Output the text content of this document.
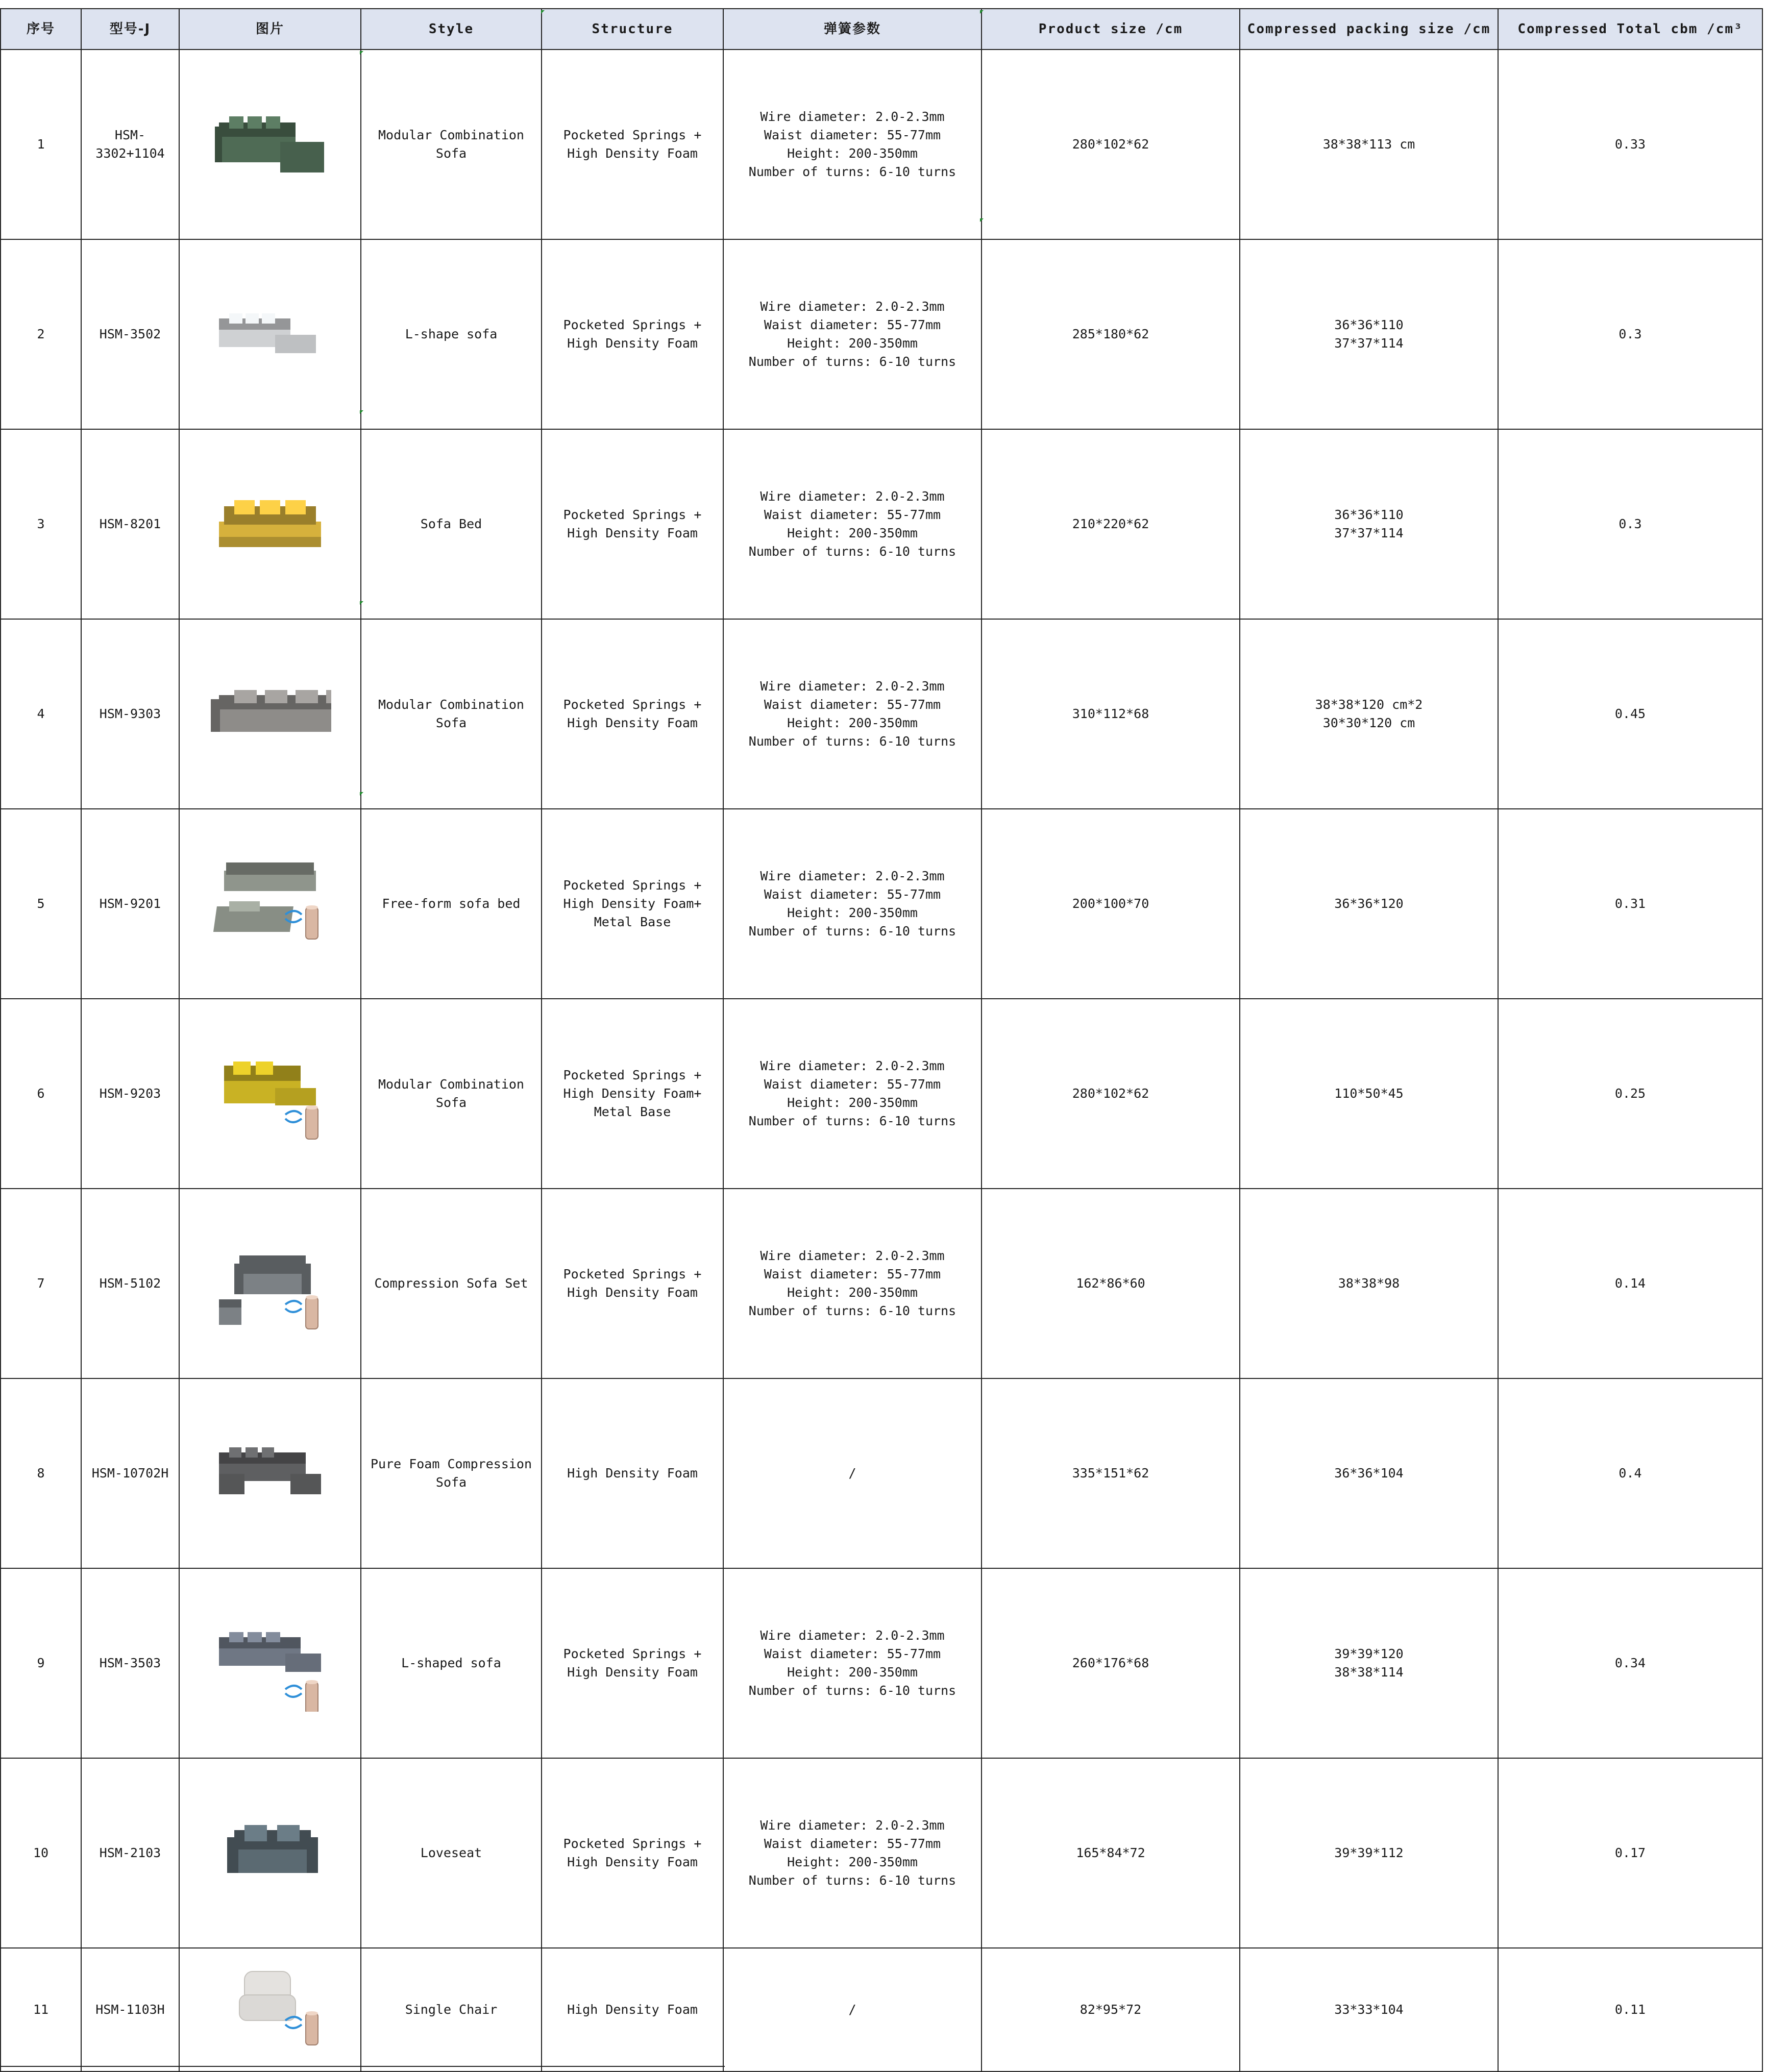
序号	型号-J	图片	Style	Structure	弹簧参数	Product size /cm	Compressed packing size /cm	Compressed Total cbm /cm³
1	HSM-
3302+1104		Modular Combination
Sofa	Pocketed Springs +
High Density Foam	Wire diameter: 2.0-2.3mm
Waist diameter: 55-77mm
Height: 200-350mm
Number of turns: 6-10 turns	280*102*62	38*38*113 cm	0.33
2	HSM-3502		L-shape sofa	Pocketed Springs +
High Density Foam	Wire diameter: 2.0-2.3mm
Waist diameter: 55-77mm
Height: 200-350mm
Number of turns: 6-10 turns	285*180*62	36*36*110
37*37*114	0.3
3	HSM-8201		Sofa Bed	Pocketed Springs +
High Density Foam	Wire diameter: 2.0-2.3mm
Waist diameter: 55-77mm
Height: 200-350mm
Number of turns: 6-10 turns	210*220*62	36*36*110
37*37*114	0.3
4	HSM-9303		Modular Combination
Sofa	Pocketed Springs +
High Density Foam	Wire diameter: 2.0-2.3mm
Waist diameter: 55-77mm
Height: 200-350mm
Number of turns: 6-10 turns	310*112*68	38*38*120 cm*2
30*30*120 cm	0.45
5	HSM-9201		Free-form sofa bed	Pocketed Springs +
High Density Foam+
Metal Base	Wire diameter: 2.0-2.3mm
Waist diameter: 55-77mm
Height: 200-350mm
Number of turns: 6-10 turns	200*100*70	36*36*120	0.31
6	HSM-9203		Modular Combination
Sofa	Pocketed Springs +
High Density Foam+
Metal Base	Wire diameter: 2.0-2.3mm
Waist diameter: 55-77mm
Height: 200-350mm
Number of turns: 6-10 turns	280*102*62	110*50*45	0.25
7	HSM-5102		Compression Sofa Set	Pocketed Springs +
High Density Foam	Wire diameter: 2.0-2.3mm
Waist diameter: 55-77mm
Height: 200-350mm
Number of turns: 6-10 turns	162*86*60	38*38*98	0.14
8	HSM-10702H		Pure Foam Compression
Sofa	High Density Foam	/	335*151*62	36*36*104	0.4
9	HSM-3503		L-shaped sofa	Pocketed Springs +
High Density Foam	Wire diameter: 2.0-2.3mm
Waist diameter: 55-77mm
Height: 200-350mm
Number of turns: 6-10 turns	260*176*68	39*39*120
38*38*114	0.34
10	HSM-2103		Loveseat	Pocketed Springs +
High Density Foam	Wire diameter: 2.0-2.3mm
Waist diameter: 55-77mm
Height: 200-350mm
Number of turns: 6-10 turns	165*84*72	39*39*112	0.17
11	HSM-1103H		Single Chair	High Density Foam	/	82*95*72	33*33*104	0.11
